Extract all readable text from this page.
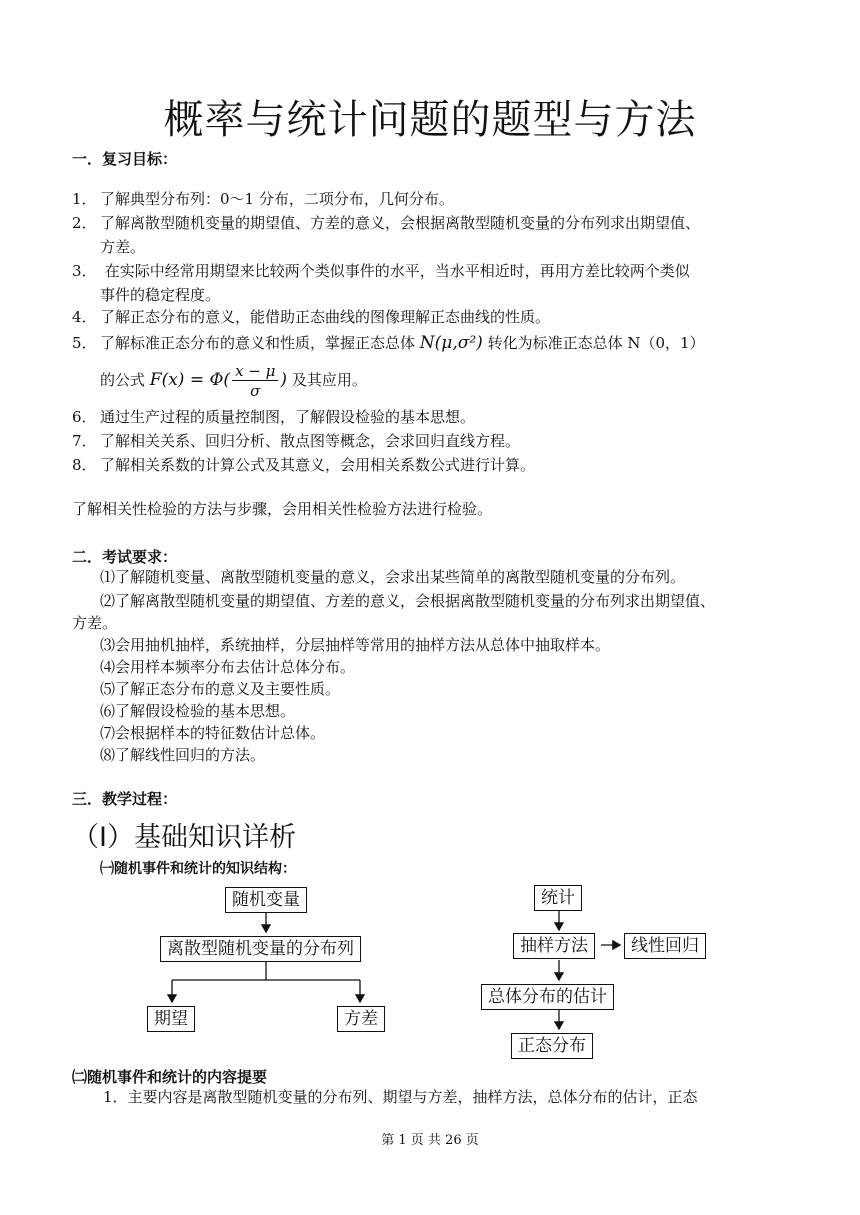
概率与统计问题的题型与方法
一．复习目标：
1． 了解典型分布列：0～1 分布，二项分布，几何分布。
2． 了解离散型随机变量的期望值、方差的意义，会根据离散型随机变量的分布列求出期望值、
方差。
3． 在实际中经常用期望来比较两个类似事件的水平，当水平相近时，再用方差比较两个类似
事件的稳定程度。
4． 了解正态分布的意义，能借助正态曲线的图像理解正态曲线的性质。
5． 了解标准正态分布的意义和性质，掌握正态总体 N(μ,σ²) 转化为标准正态总体 N（0，1）
的公式 $F(x) = \Phi( \frac{x - \mu}{\sigma}$ ) 及其应用。
6． 通过生产过程的质量控制图，了解假设检验的基本思想。
7． 了解相关关系、回归分析、散点图等概念，会求回归直线方程。
8． 了解相关系数的计算公式及其意义，会用相关系数公式进行计算。
了解相关性检验的方法与步骤，会用相关性检验方法进行检验。
二．考试要求：
⑴了解随机变量、离散型随机变量的意义，会求出某些简单的离散型随机变量的分布列。
⑵了解离散型随机变量的期望值、方差的意义，会根据离散型随机变量的分布列求出期望值、
方差。
⑶会用抽机抽样，系统抽样，分层抽样等常用的抽样方法从总体中抽取样本。
⑷会用样本频率分布去估计总体分布。
⑸了解正态分布的意义及主要性质。
⑹了解假设检验的基本思想。
⑺会根据样本的特征数估计总体。
⑻了解线性回归的方法。
三．教学过程：
（Ⅰ）基础知识详析
㈠随机事件和统计的知识结构：
随机变量
离散型随机变量的分布列
期望	方差
统计
抽样方法	线性回归
总体分布的估计
正态分布
㈡随机事件和统计的内容提要
1．主要内容是离散型随机变量的分布列、期望与方差，抽样方法，总体分布的估计，正态
第 1 页 共 26 页
